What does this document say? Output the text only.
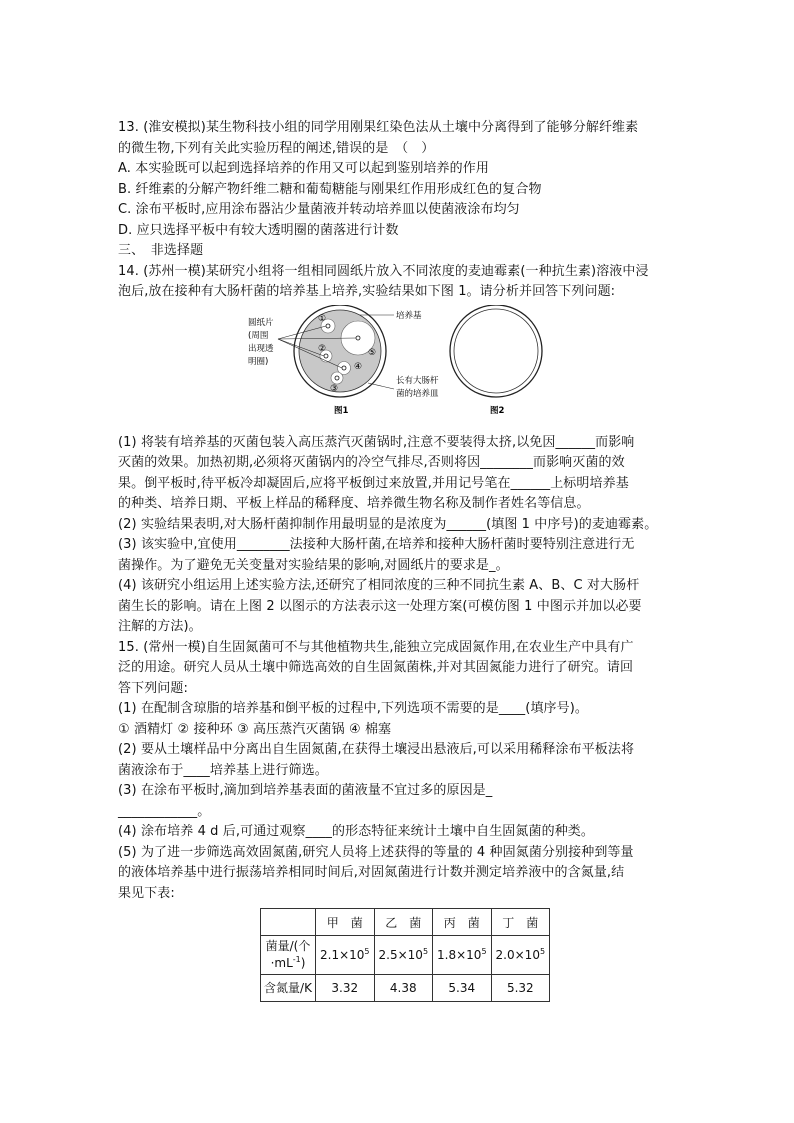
13. (淮安模拟)某生物科技小组的同学用刚果红染色法从土壤中分离得到了能够分解纤维素
的微生物,下列有关此实验历程的阐述,错误的是　（　）
A. 本实验既可以起到选择培养的作用又可以起到鉴别培养的作用
B. 纤维素的分解产物纤维二糖和葡萄糖能与刚果红作用形成红色的复合物
C. 涂布平板时,应用涂布器沾少量菌液并转动培养皿以使菌液涂布均匀
D. 应只选择平板中有较大透明圈的菌落进行计数
三、　非选择题
14. (苏州一模)某研究小组将一组相同圆纸片放入不同浓度的麦迪霉素(一种抗生素)溶液中浸
泡后,放在接种有大肠杆菌的培养基上培养,实验结果如下图 1。请分析并回答下列问题:
圆纸片
(周围
出现透
明圈)
①
②
③
④
⑤
培养基
长有大肠杆
菌的培养皿
图1	图2
(1) 将装有培养基的灭菌包装入高压蒸汽灭菌锅时,注意不要装得太挤,以免因______而影响
灭菌的效果。加热初期,必须将灭菌锅内的冷空气排尽,否则将因________而影响灭菌的效
果。倒平板时,待平板冷却凝固后,应将平板倒过来放置,并用记号笔在______上标明培养基
的种类、培养日期、平板上样品的稀释度、培养微生物名称及制作者姓名等信息。
(2) 实验结果表明,对大肠杆菌抑制作用最明显的是浓度为______(填图 1 中序号)的麦迪霉素。
(3) 该实验中,宜使用________法接种大肠杆菌,在培养和接种大肠杆菌时要特别注意进行无
菌操作。为了避免无关变量对实验结果的影响,对圆纸片的要求是_。
(4) 该研究小组运用上述实验方法,还研究了相同浓度的三种不同抗生素 A、B、C 对大肠杆
菌生长的影响。请在上图 2 以图示的方法表示这一处理方案(可模仿图 1 中图示并加以必要
注解的方法)。
15. (常州一模)自生固氮菌可不与其他植物共生,能独立完成固氮作用,在农业生产中具有广
泛的用途。研究人员从土壤中筛选高效的自生固氮菌株,并对其固氮能力进行了研究。请回
答下列问题:
(1) 在配制含琼脂的培养基和倒平板的过程中,下列选项不需要的是____(填序号)。
① 酒精灯 ② 接种环 ③ 高压蒸汽灭菌锅 ④ 棉塞
(2) 要从土壤样品中分离出自生固氮菌,在获得土壤浸出悬液后,可以采用稀释涂布平板法将
菌液涂布于____培养基上进行筛选。
(3) 在涂布平板时,滴加到培养基表面的菌液量不宜过多的原因是_
____________。
(4) 涂布培养 4 d 后,可通过观察____的形态特征来统计土壤中自生固氮菌的种类。
(5) 为了进一步筛选高效固氮菌,研究人员将上述获得的等量的 4 种固氮菌分别接种到等量
的液体培养基中进行振荡培养相同时间后,对固氮菌进行计数并测定培养液中的含氮量,结
果见下表:
	甲　菌	乙　菌	丙　菌	丁　菌
菌量/(个
$\cdot mL^{-1}$)	$2.1\times 10^5$	$2.5\times 10^5$	$1.8\times 10^5$	$2.0\times 10^5$
含氮量/K	3.32	4.38	5.34	5.32
